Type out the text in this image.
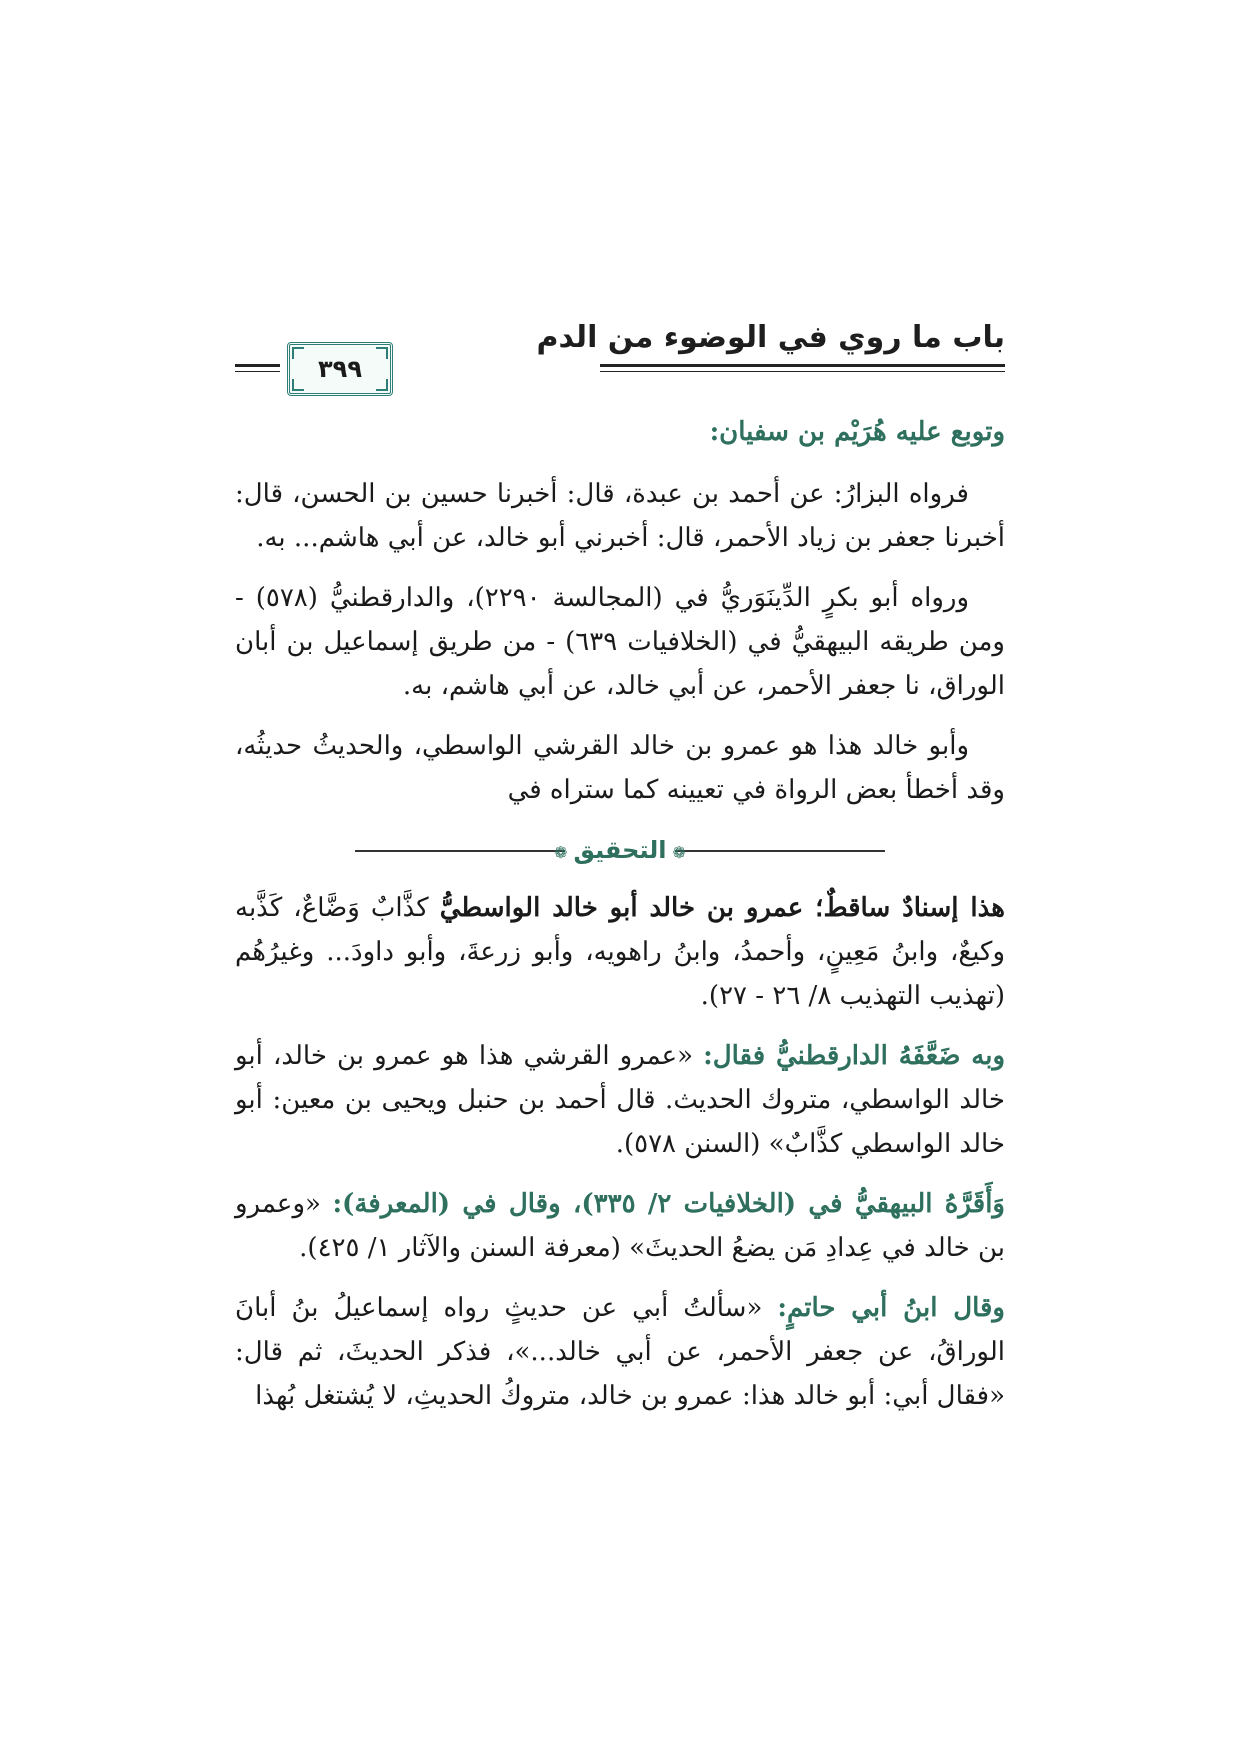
باب ما روي في الوضوء من الدم
٣٩٩
وتوبع عليه هُرَيْم بن سفيان:

فرواه البزارُ: عن أحمد بن عبدة، قال: أخبرنا حسين بن الحسن، قال: أخبرنا جعفر بن زياد الأحمر، قال: أخبرني أبو خالد، عن أبي هاشم... به.

ورواه أبو بكرٍ الدِّينَوَريُّ في (المجالسة ٢٢٩٠)، والدارقطنيُّ (٥٧٨) - ومن طريقه البيهقيُّ في (الخلافيات ٦٣٩) - من طريق إسماعيل بن أبان الوراق، نا جعفر الأحمر، عن أبي خالد، عن أبي هاشم، به.

وأبو خالد هذا هو عمرو بن خالد القرشي الواسطي، والحديثُ حديثُه، وقد أخطأ بعض الرواة في تعيينه كما ستراه في

❁التحقيق❁

هذا إسنادٌ ساقطٌ؛ عمرو بن خالد أبو خالد الواسطيُّ كذَّابٌ وَضَّاعٌ، كَذَّبه وكيعٌ، وابنُ مَعِينٍ، وأحمدُ، وابنُ راهويه، وأبو زرعةَ، وأبو داودَ... وغيرُهُم (تهذيب التهذيب ٨/ ٢٦ - ٢٧).

وبه ضَعَّفَهُ الدارقطنيُّ فقال: «عمرو القرشي هذا هو عمرو بن خالد، أبو خالد الواسطي، متروك الحديث. قال أحمد بن حنبل ويحيى بن معين: أبو خالد الواسطي كذَّابٌ» (السنن ٥٧٨).

وَأَقَرَّهُ البيهقيُّ في (الخلافيات ٢/ ٣٣٥)، وقال في (المعرفة): «وعمرو بن خالد في عِدادِ مَن يضعُ الحديثَ» (معرفة السنن والآثار ١/ ٤٢٥).

وقال ابنُ أبي حاتمٍ: «سألتُ أبي عن حديثٍ رواه إسماعيلُ بنُ أبانَ الوراقُ، عن جعفر الأحمر، عن أبي خالد...»، فذكر الحديثَ، ثم قال: «فقال أبي: أبو خالد هذا: عمرو بن خالد، متروكُ الحديثِ، لا يُشتغل بُهذا
